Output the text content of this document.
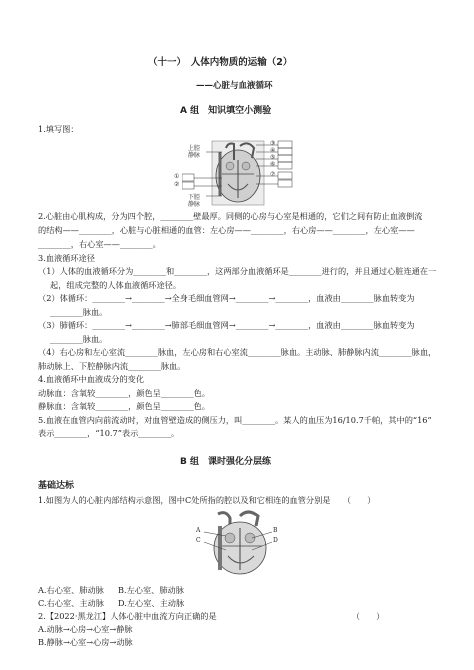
（十一）　人体内物质的运输（2）
——心脏与血液循环
A 组　知识填空小测验
1.填写图：
上腔
静脉
下腔
静脉
①
②
③
④
⑤
⑥
⑦
2.心脏由心肌构成，分为四个腔，________壁最厚。同侧的心房与心室是相通的，它们之间有防止血液倒流
的结构——________，心脏与心脏相通的血管：左心房——________，右心房——________，左心室——
________，右心室——________。
3.血液循环途径
（1）人体的血液循环分为________和________，这两部分血液循环是________进行的，并且通过心脏连通在一
起，组成完整的人体血液循环途径。
（2）体循环：________→________→全身毛细血管网→________→________，血液由________脉血转变为
________脉血。
（3）肺循环：________→________→肺部毛细血管网→________→________，血液由________脉血转变为
________脉血。
（4）右心房和左心室流________脉血，左心房和右心室流________脉血。主动脉、肺静脉内流________脉血，
肺动脉上、下腔静脉内流________脉血。
4.血液循环中血液成分的变化
动脉血：含氧较________，颜色呈________色。
静脉血：含氧较________，颜色呈________色。
5.血液在血管内向前流动时，对血管壁造成的侧压力，叫________。某人的血压为16/10.7千帕，其中的“16”
表示________，“10.7”表示________。
B 组　课时强化分层练
基础达标
1.如图为人的心脏内部结构示意图，图中C处所指的腔以及和它相连的血管分别是　　（　　）
A
C
B
D
A.右心室、肺动脉 B.左心室、肺动脉
C.右心室、主动脉 D.左心室、主动脉
2.【2022·黑龙江】人体心脏中血流方向正确的是　　　　　　　　　　　　　　　　　（　　）
A.动脉→心房→心室→静脉
B.静脉→心室→心房→动脉
